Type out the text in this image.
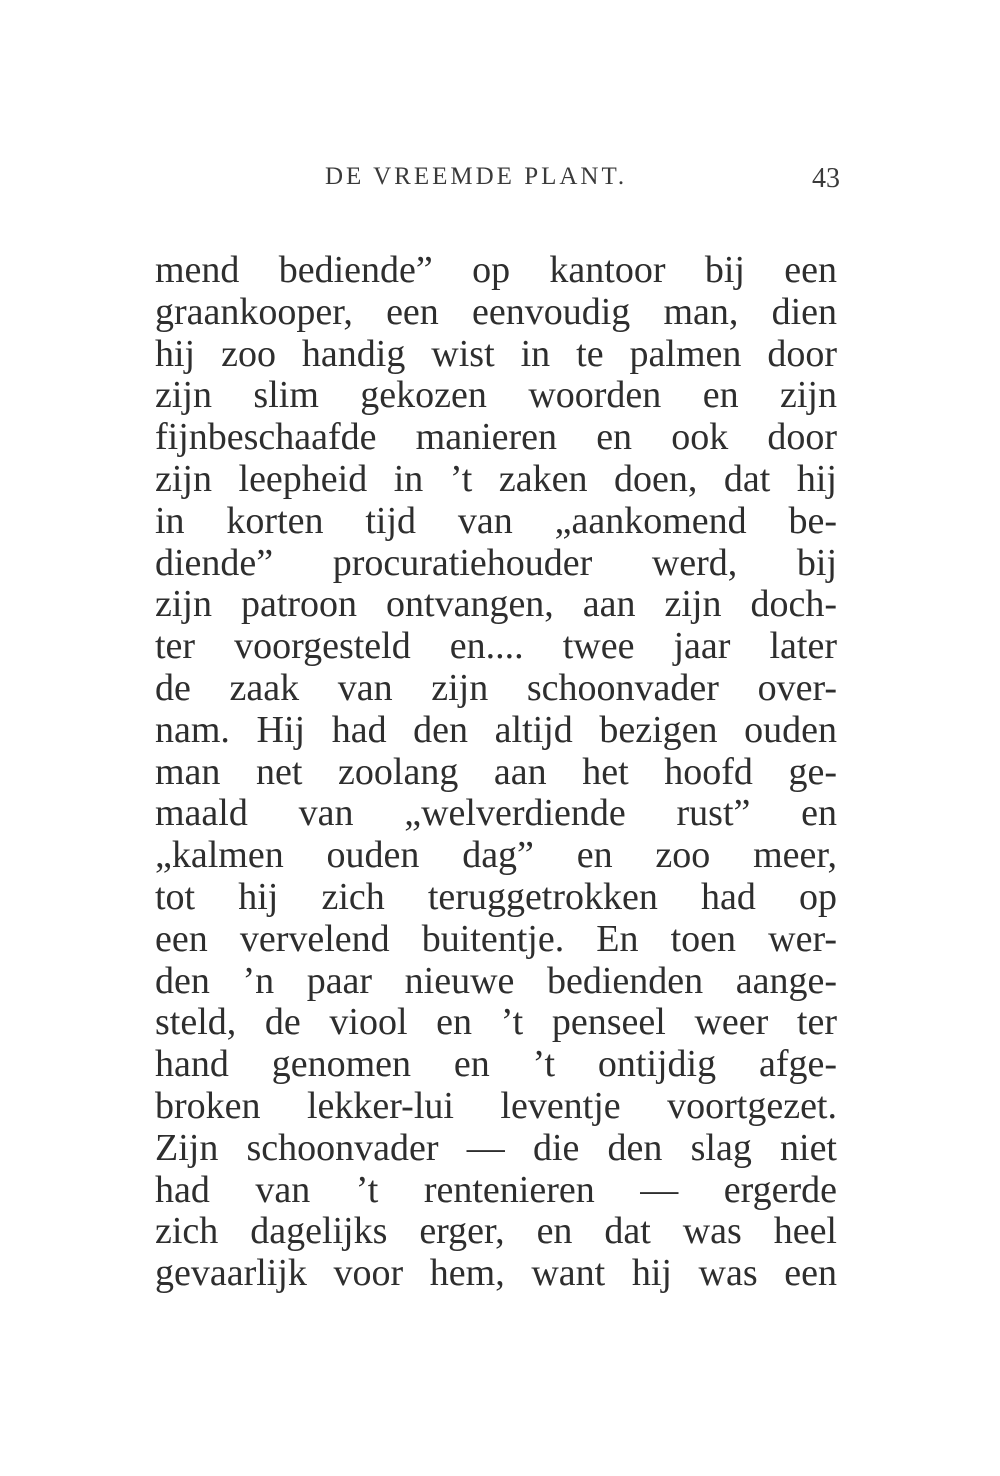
DE VREEMDE PLANT.	43
mend bediende” op kantoor bij een
graankooper, een eenvoudig man, dien
hij zoo handig wist in te palmen door
zijn slim gekozen woorden en zijn
fijnbeschaafde manieren en ook door
zijn leepheid in ’t zaken doen, dat hij
in korten tijd van „aankomend be-
diende” procuratiehouder werd, bij
zijn patroon ontvangen, aan zijn doch-
ter voorgesteld en.... twee jaar later
de zaak van zijn schoonvader over-
nam. Hij had den altijd bezigen ouden
man net zoolang aan het hoofd ge-
maald van „welverdiende rust” en
„kalmen ouden dag” en zoo meer,
tot hij zich teruggetrokken had op
een vervelend buitentje. En toen wer-
den ’n paar nieuwe bedienden aange-
steld, de viool en ’t penseel weer ter
hand genomen en ’t ontijdig afge-
broken lekker-lui leventje voortgezet.
Zijn schoonvader — die den slag niet
had van ’t rentenieren — ergerde
zich dagelijks erger, en dat was heel
gevaarlijk voor hem, want hij was een
